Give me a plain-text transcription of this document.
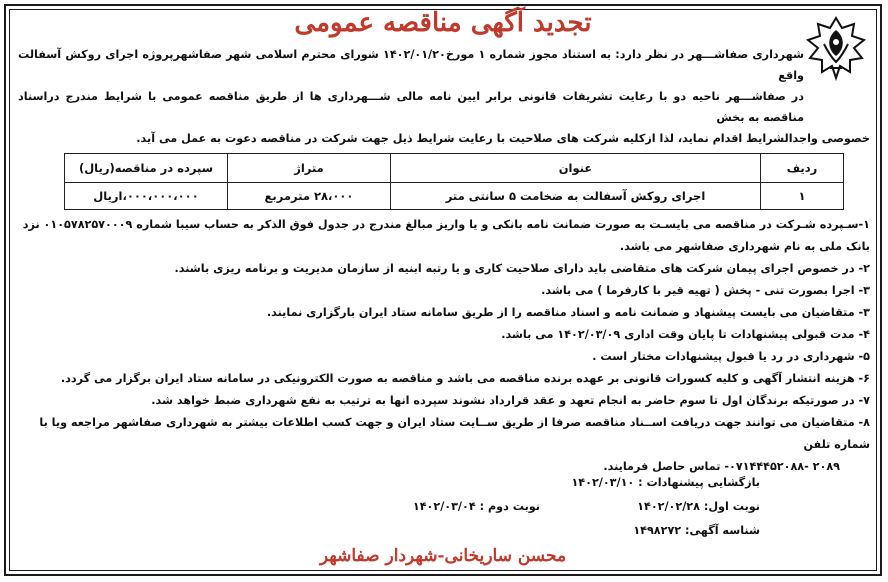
​
تجدید آگهی مناقصه عمومی
شهرداری صفاشـــهر در نظر دارد: به استناد مجوز شماره ۱ مورخ۱۴۰۲/۰۱/۲۰ شورای محترم اسلامی شهر صفاشهرپروژه اجرای روکش آسفالت واقع
در صفاشـــهر ناحیه دو با رعایت تشریفات قانونی برابر ایین نامه مالی شـــهرداری ها از طریق مناقصه عمومی با شرایط مندرج دراسناد مناقصه به بخش
خصوصی واجدالشرایط اقدام نماید، لذا ازکلیه شرکت های صلاحیت با رعایت شرایط ذیل جهت شرکت در مناقصه دعوت به عمل می آید.
ردیف	عنوان	متراژ	سپرده در مناقصه(ریال)
۱	اجرای روکش آسفالت به ضخامت ۵ سانتی متر	۲۸،۰۰۰ مترمربع	۰۰۰،۰۰۰،۰۰۰،اریال

۱-سـپرده شـرکت در مناقصه می بایسـت به صورت ضمانت نامه بانکی و یا واریز مبالغ مندرج در جدول فوق الذکر به حساب سیبا شماره ۰۱۰۵۷۸۲۵۷۰۰۰۹ نزد

بانک ملی به نام شهرداری صفاشهر می باشد.

۲- در خصوص اجرای پیمان شرکت های متقاضی باید دارای صلاحیت کاری و یا رتبه ابنیه از سازمان مدیریت و برنامه ریزی باشند.

۳- اجرا بصورت تنی - پخش ( تهیه قیر با کارفرما ) می باشد.

۳- متقاضیان می بایست پیشنهاد و ضمانت نامه و اسناد مناقصه را از طریق سامانه ستاد ایران بارگزاری نمایند.

۴- مدت قبولی پیشنهادات تا پایان وقت اداری ۱۴۰۲/۰۳/۰۹ می باشد.

۵- شهرداری در رد یا قبول پیشنهادات مختار است .

۶- هزینه انتشار آگهی و کلیه کسورات قانونی بر عهده برنده مناقصه می باشد و مناقصه به صورت الکترونیکی در سامانه ستاد ایران برگزار می گردد.

۷- در صورتیکه برندگان اول تا سوم حاضر به انجام تعهد و عقد قرارداد نشوند سپرده انها به ترتیب به نفع شهرداری ضبط خواهد شد.

۸- متقاضیان می توانند جهت دریافت اســناد مناقصه صرفا از طریق ســایت ستاد ایران و جهت کسب اطلاعات بیشتر به شهرداری صفاشهر مراجعه ویا با شماره تلفن

۲۰۸۹ -۰۷۱۴۴۴۵۲۰۸۸- تماس حاصل فرمایند.

بازگشایی پیشنهادات : ۱۴۰۲/۰۳/۱۰
نوبت اول: ۱۴۰۲/۰۲/۲۸
نوبت دوم : ۱۴۰۲/۰۳/۰۴
شناسه آگهی: ۱۴۹۸۲۷۲
محسن ساریخانی-شهردار صفاشهر
